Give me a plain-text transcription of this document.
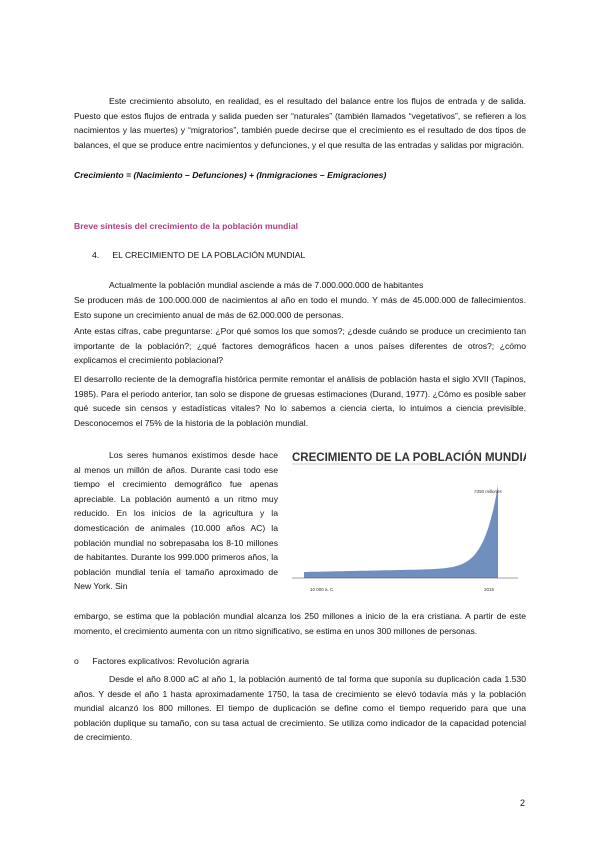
Este crecimiento absoluto, en realidad, es el resultado del balance entre los flujos de entrada y de salida. Puesto que estos flujos de entrada y salida pueden ser “naturales” (también llamados “vegetativos”, se refieren a los nacimientos y las muertes) y “migratorios”, también puede decirse que el crecimiento es el resultado de dos tipos de balances, el que se produce entre nacimientos y defunciones, y el que resulta de las entradas y salidas por migración.
Crecimiento = (Nacimiento – Defunciones) + (Inmigraciones – Emigraciones)
Breve síntesis del crecimiento de la población mundial
4. EL CRECIMIENTO DE LA POBLACIÓN MUNDIAL
Actualmente la población mundial asciende a más de 7.000.000.000 de habitantes
Se producen más de 100.000.000 de nacimientos al año en todo el mundo. Y más de 45.000.000 de fallecimientos. Esto supone un crecimiento anual de más de 62.000.000 de personas.
Ante estas cifras, cabe preguntarse: ¿Por qué somos los que somos?; ¿desde cuándo se produce un crecimiento tan importante de la población?; ¿qué factores demográficos hacen a unos países diferentes de otros?; ¿cómo explicamos el crecimiento poblacional?
El desarrollo reciente de la demografía histórica permite remontar el análisis de población hasta el siglo XVII (Tapinos, 1985). Para el periodo anterior, tan solo se dispone de gruesas estimaciones (Durand, 1977). ¿Cómo es posible saber qué sucede sin censos y estadísticas vitales? No lo sabemos a ciencia cierta, lo intuimos a ciencia previsible. Desconocemos el 75% de la historia de la población mundial.
Los seres humanos existimos desde hace al menos un millón de años. Durante casi todo ese tiempo el crecimiento demográfico fue apenas apreciable. La población aumentó a un ritmo muy reducido. En los inicios de la agricultura y la domesticación de animales (10.000 años AC) la población mundial no sobrepasaba los 8-10 millones de habitantes. Durante los 999.000 primeros años, la población mundial tenía el tamaño aproximado de New York. Sin
CRECIMIENTO DE LA POBLACIÓN MUNDIAL
7350 millones
10 000 a. C.	2015
embargo, se estima que la población mundial alcanza los 250 millones a inicio de la era cristiana. A partir de este momento, el crecimiento aumenta con un ritmo significativo, se estima en unos 300 millones de personas.
o Factores explicativos: Revolución agraria
Desde el año 8.000 aC al año 1, la población aumentó de tal forma que suponía su duplicación cada 1.530 años. Y desde el año 1 hasta aproximadamente 1750, la tasa de crecimiento se elevó todavía más y la población mundial alcanzó los 800 millones. El tiempo de duplicación se define como el tiempo requerido para que una población duplique su tamaño, con su tasa actual de crecimiento. Se utiliza como indicador de la capacidad potencial de crecimiento.
2
